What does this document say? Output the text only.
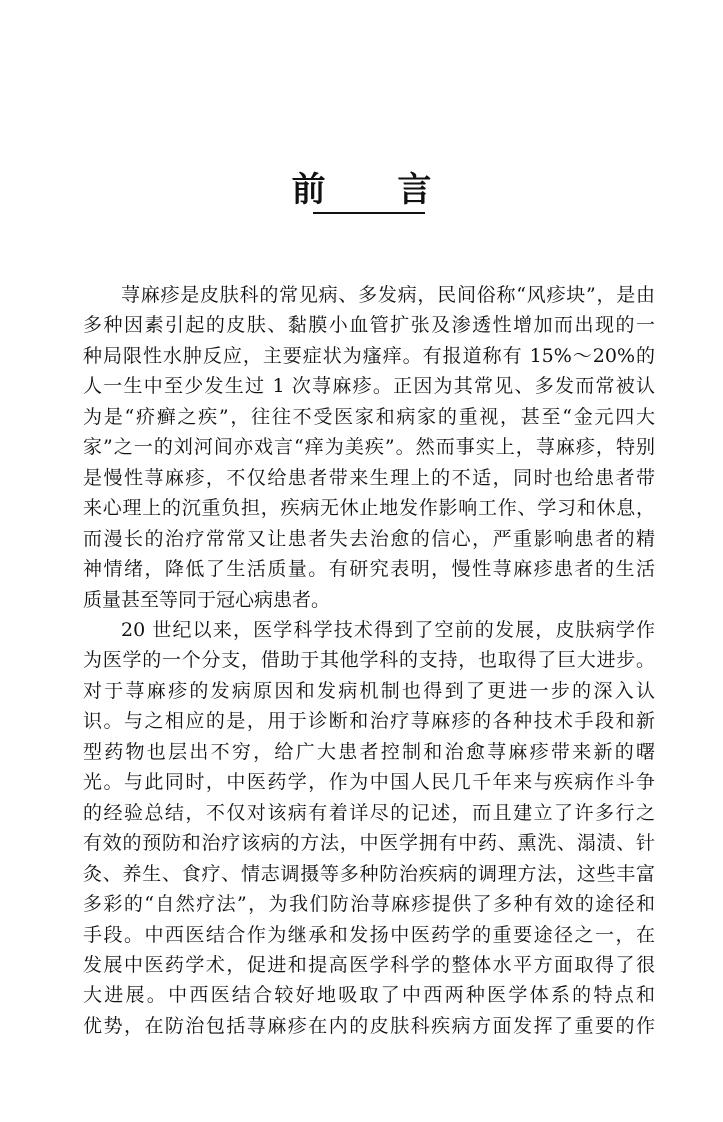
前 言
荨麻疹是皮肤科的常见病、多发病，民间俗称“风疹块”，是由
多种因素引起的皮肤、黏膜小血管扩张及渗透性增加而出现的一
种局限性水肿反应，主要症状为瘙痒。有报道称有 15%～20%的
人一生中至少发生过 1 次荨麻疹。正因为其常见、多发而常被认
为是“疥癣之疾”，往往不受医家和病家的重视，甚至“金元四大
家”之一的刘河间亦戏言“痒为美疾”。然而事实上，荨麻疹，特别
是慢性荨麻疹，不仅给患者带来生理上的不适，同时也给患者带
来心理上的沉重负担，疾病无休止地发作影响工作、学习和休息，
而漫长的治疗常常又让患者失去治愈的信心，严重影响患者的精
神情绪，降低了生活质量。有研究表明，慢性荨麻疹患者的生活
质量甚至等同于冠心病患者。
20 世纪以来，医学科学技术得到了空前的发展，皮肤病学作
为医学的一个分支，借助于其他学科的支持，也取得了巨大进步。
对于荨麻疹的发病原因和发病机制也得到了更进一步的深入认
识。与之相应的是，用于诊断和治疗荨麻疹的各种技术手段和新
型药物也层出不穷，给广大患者控制和治愈荨麻疹带来新的曙
光。与此同时，中医药学，作为中国人民几千年来与疾病作斗争
的经验总结，不仅对该病有着详尽的记述，而且建立了许多行之
有效的预防和治疗该病的方法，中医学拥有中药、熏洗、溻渍、针
灸、养生、食疗、情志调摄等多种防治疾病的调理方法，这些丰富
多彩的“自然疗法”，为我们防治荨麻疹提供了多种有效的途径和
手段。中西医结合作为继承和发扬中医药学的重要途径之一，在
发展中医药学术，促进和提高医学科学的整体水平方面取得了很
大进展。中西医结合较好地吸取了中西两种医学体系的特点和
优势，在防治包括荨麻疹在内的皮肤科疾病方面发挥了重要的作
